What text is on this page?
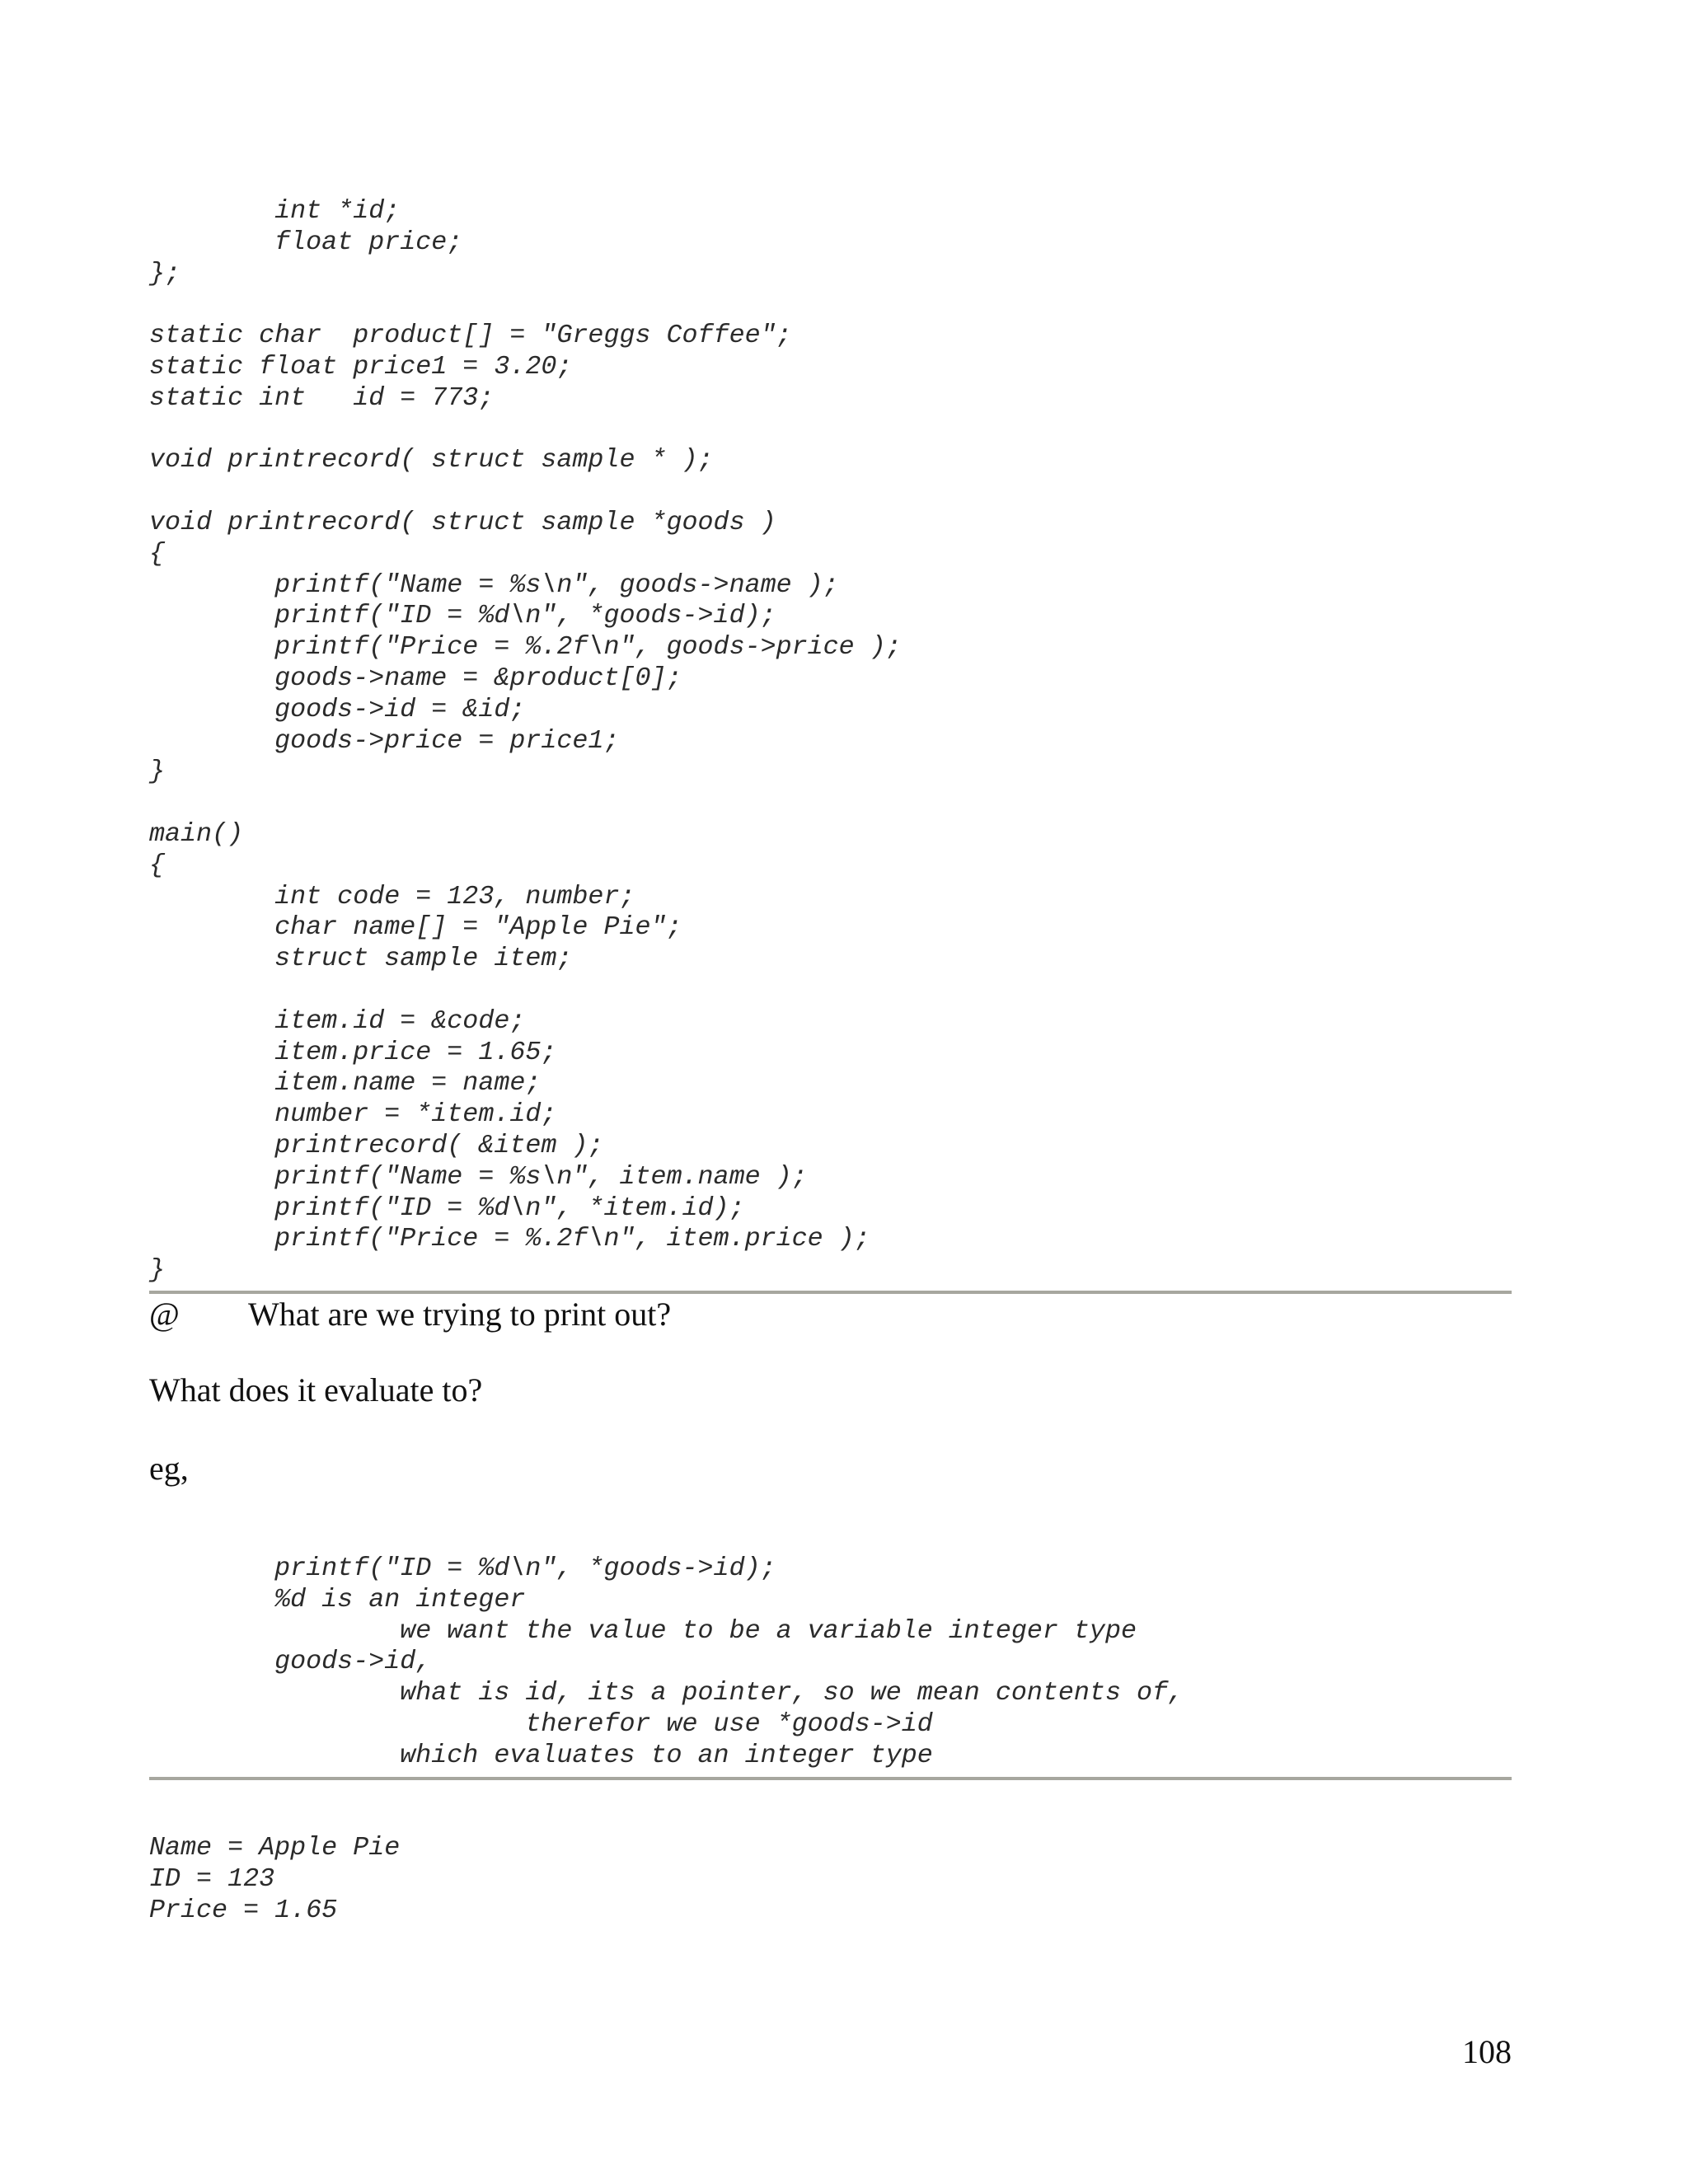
int *id;
float price;
};

static char  product[] = "Greggs Coffee";
static float price1 = 3.20;
static int   id = 773;

void printrecord( struct sample * );

void printrecord( struct sample *goods )
{
printf("Name = %s\n", goods->name );
printf("ID = %d\n", *goods->id);
printf("Price = %.2f\n", goods->price );
goods->name = &product[0];
goods->id = &id;
goods->price = price1;
}

main()
{
int code = 123, number;
char name[] = "Apple Pie";
struct sample item;

item.id = &code;
item.price = 1.65;
item.name = name;
number = *item.id;
printrecord( &item );
printf("Name = %s\n", item.name );
printf("ID = %d\n", *item.id);
printf("Price = %.2f\n", item.price );
}
@ What are we trying to print out?
What does it evaluate to?
eg,
printf("ID = %d\n", *goods->id);
%d is an integer
we want the value to be a variable integer type
goods->id,
what is id, its a pointer, so we mean contents of,
therefor we use *goods->id
which evaluates to an integer type
Name = Apple Pie
ID = 123
Price = 1.65
108
